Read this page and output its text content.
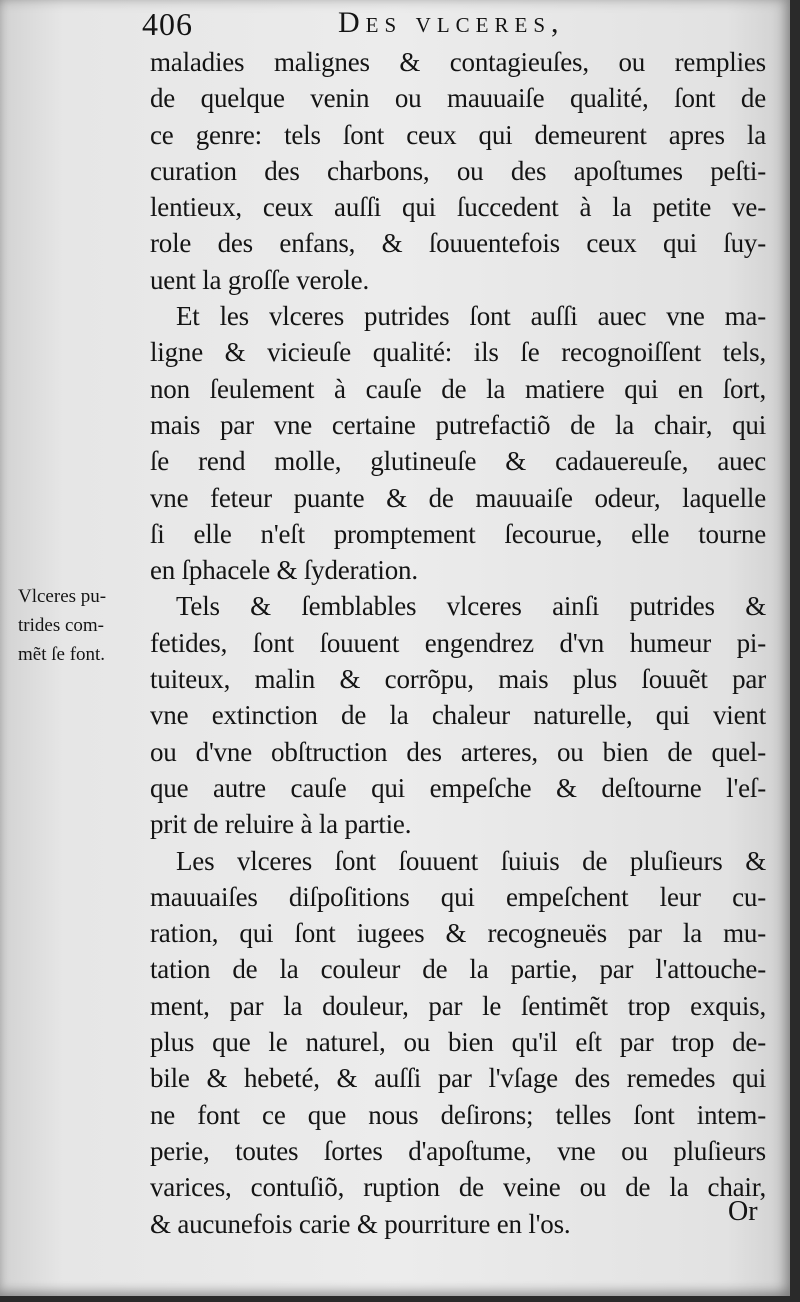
406	Des vlceres,
maladies malignes & contagieuſes, ou remplies
de quelque venin ou mauuaiſe qualité, ſont de
ce genre: tels ſont ceux qui demeurent apres la
curation des charbons, ou des apoſtumes peſti-
lentieux, ceux auſſi qui ſuccedent à la petite ve-
role des enfans, & ſouuentefois ceux qui ſuy-
uent la groſſe verole.
Et les vlceres putrides ſont auſſi auec vne ma-
ligne & vicieuſe qualité: ils ſe recognoiſſent tels,
non ſeulement à cauſe de la matiere qui en ſort,
mais par vne certaine putrefactiõ de la chair, qui
ſe rend molle, glutineuſe & cadauereuſe, auec
vne feteur puante & de mauuaiſe odeur, laquelle
ſi elle n'eſt promptement ſecourue, elle tourne
en ſphacele & ſyderation.
Tels & ſemblables vlceres ainſi putrides &
fetides, ſont ſouuent engendrez d'vn humeur pi-
tuiteux, malin & corrõpu, mais plus ſouuẽt par
vne extinction de la chaleur naturelle, qui vient
ou d'vne obſtruction des arteres, ou bien de quel-
que autre cauſe qui empeſche & deſtourne l'eſ-
prit de reluire à la partie.
Les vlceres ſont ſouuent ſuiuis de pluſieurs &
mauuaiſes diſpoſitions qui empeſchent leur cu-
ration, qui ſont iugees & recogneuës par la mu-
tation de la couleur de la partie, par l'attouche-
ment, par la douleur, par le ſentimẽt trop exquis,
plus que le naturel, ou bien qu'il eſt par trop de-
bile & hebeté, & auſſi par l'vſage des remedes qui
ne font ce que nous deſirons; telles ſont intem-
perie, toutes ſortes d'apoſtume, vne ou pluſieurs
varices, contuſiõ, ruption de veine ou de la chair,
& aucunefois carie & pourriture en l'os.
Vlceres pu-
trides com-
mẽt ſe font.
Or
